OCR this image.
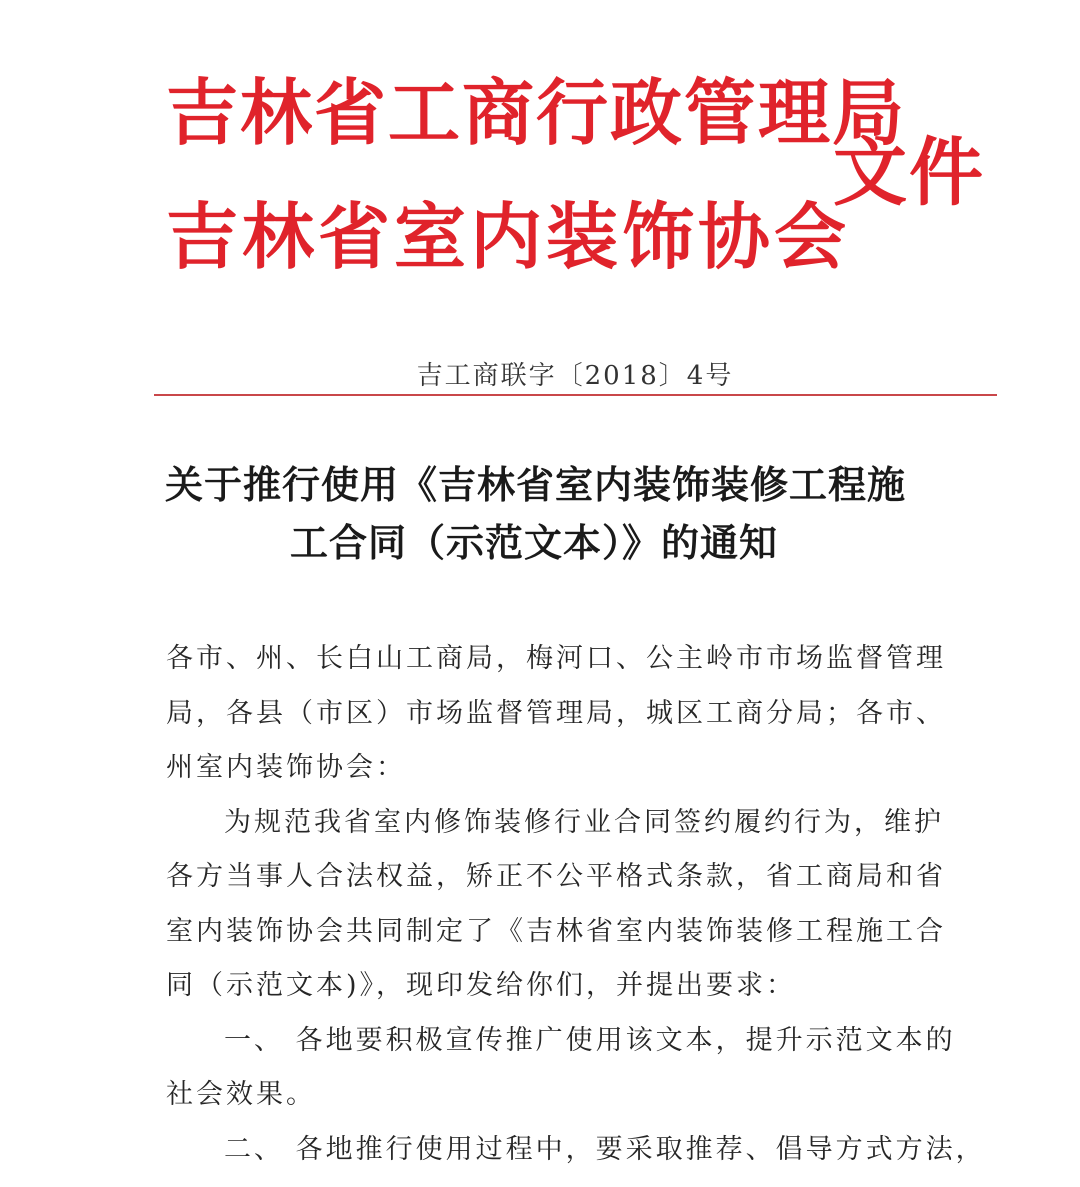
吉林省工商行政管理局
吉林省室内装饰协会
文件
吉工商联字〔2018〕4号
关于推行使用《吉林省室内装饰装修工程施
工合同（示范文本）》的通知
各市、州、长白山工商局，梅河口、公主岭市市场监督管理
局，各县（市区）市场监督管理局，城区工商分局；各市、
州室内装饰协会：
为规范我省室内修饰装修行业合同签约履约行为，维护
各方当事人合法权益，矫正不公平格式条款，省工商局和省
室内装饰协会共同制定了《吉林省室内装饰装修工程施工合
同（示范文本)》，现印发给你们，并提出要求：
一、 各地要积极宣传推广使用该文本，提升示范文本的
社会效果。
二、 各地推行使用过程中，要采取推荐、倡导方式方法，
